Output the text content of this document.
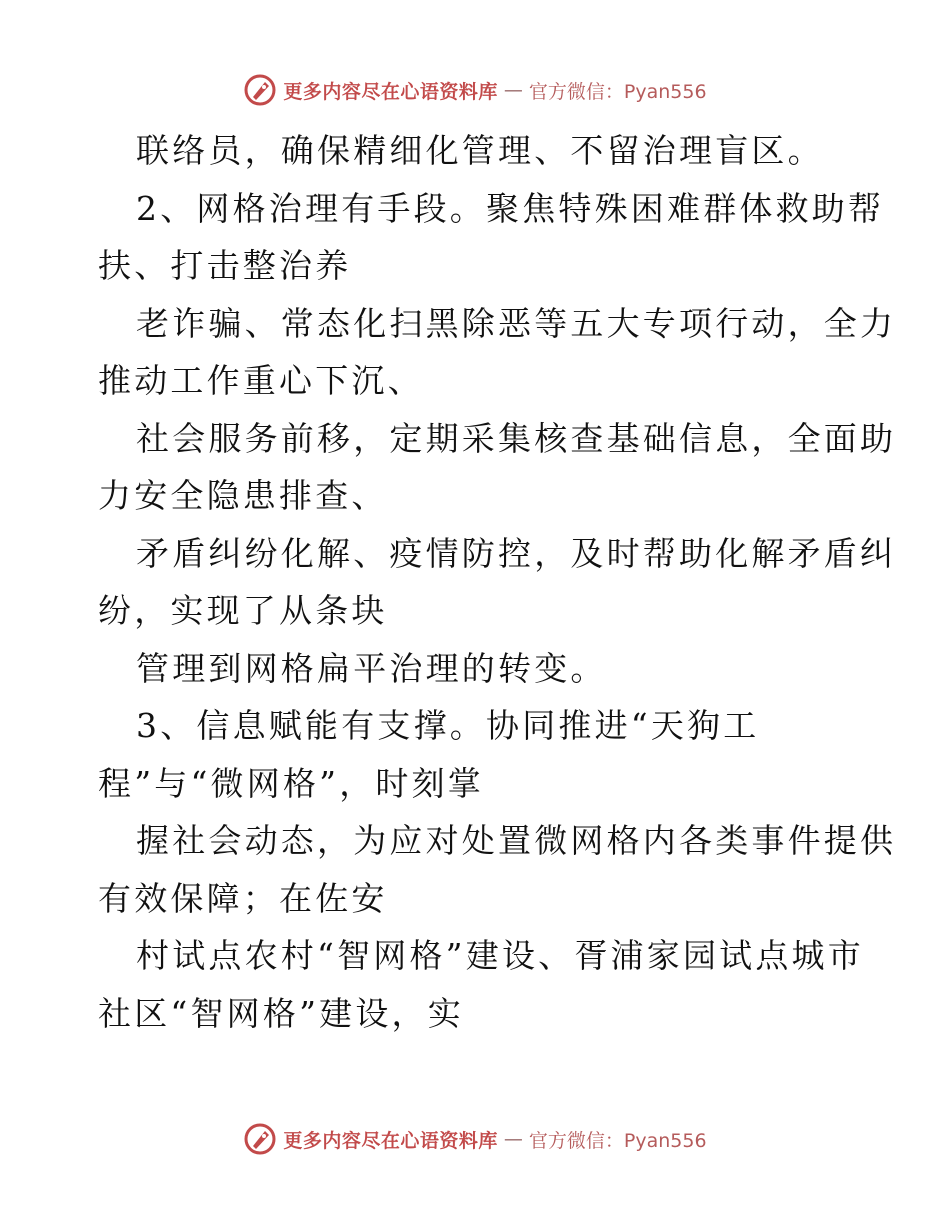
更多内容尽在心语资料库 — 官方微信：Pyan556
联络员，确保精细化管理、不留治理盲区。
2、网格治理有手段。聚焦特殊困难群体救助帮
扶、打击整治养
老诈骗、常态化扫黑除恶等五大专项行动，全力
推动工作重心下沉、
社会服务前移，定期采集核查基础信息，全面助
力安全隐患排查、
矛盾纠纷化解、疫情防控，及时帮助化解矛盾纠
纷，实现了从条块
管理到网格扁平治理的转变。
3、信息赋能有支撑。协同推进“天狗工
程”与“微网格”，时刻掌
握社会动态，为应对处置微网格内各类事件提供
有效保障；在佐安
村试点农村“智网格”建设、胥浦家园试点城市
社区“智网格”建设，实
更多内容尽在心语资料库 — 官方微信：Pyan556
